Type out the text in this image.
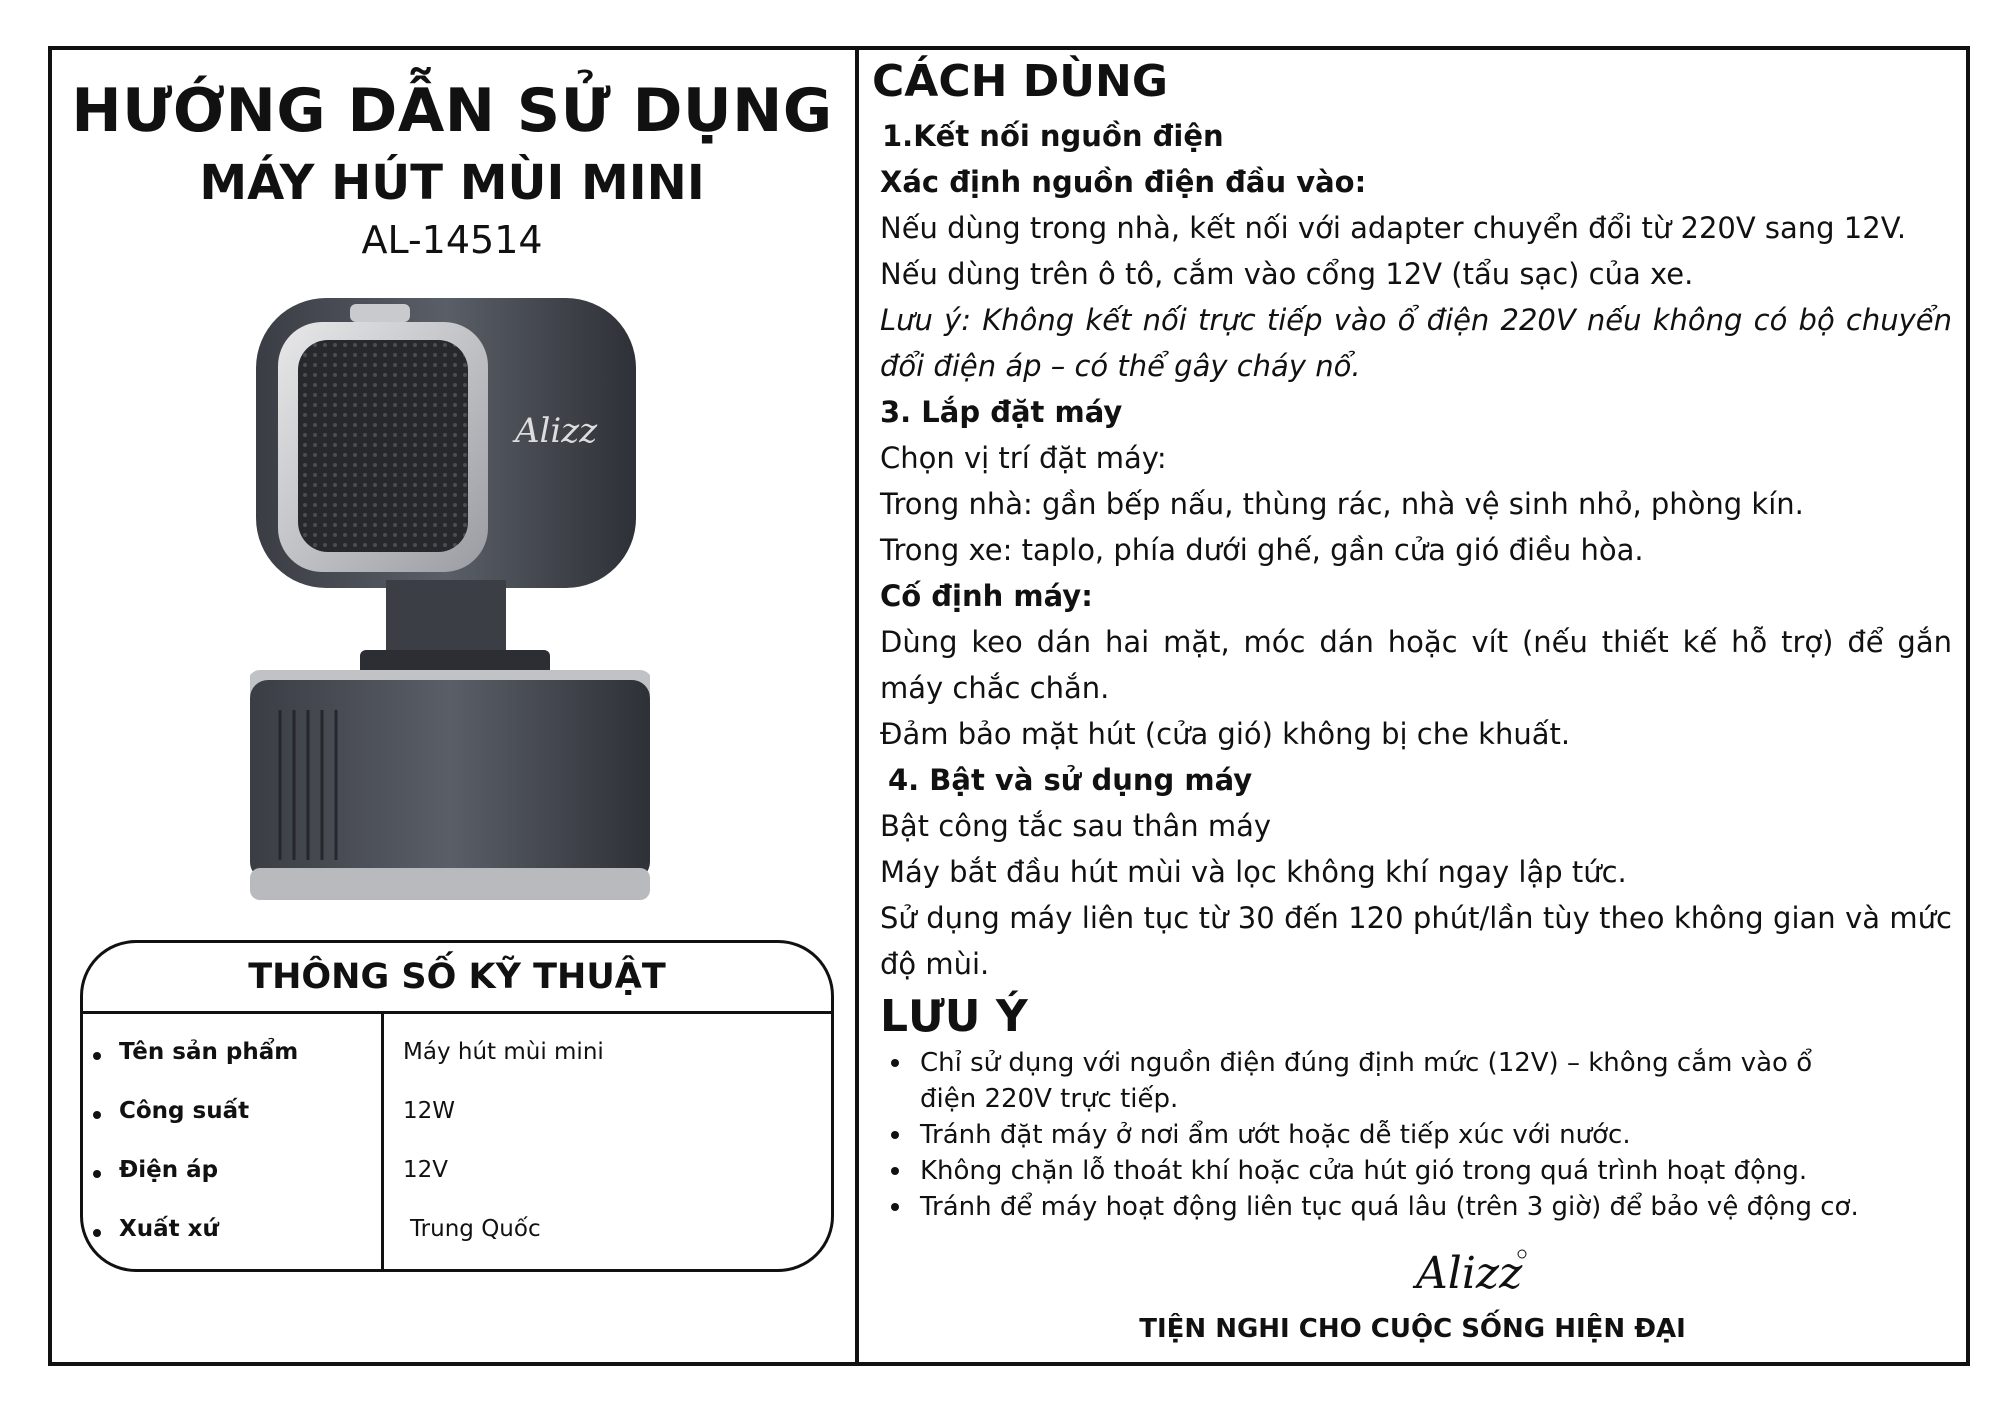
HƯỚNG DẪN SỬ DỤNG
MÁY HÚT MÙI MINI
AL-14514
Alizz
THÔNG SỐ KỸ THUẬT
Tên sản phẩm	Máy hút mùi mini
Công suất	12W
Điện áp	12V
Xuất xứ	Trung Quốc
CÁCH DÙNG
1.Kết nối nguồn điện
Xác định nguồn điện đầu vào:
Nếu dùng trong nhà, kết nối với adapter chuyển đổi từ 220V sang 12V.
Nếu dùng trên ô tô, cắm vào cổng 12V (tẩu sạc) của xe.
Lưu ý: Không kết nối trực tiếp vào ổ điện 220V nếu không có bộ chuyển đổi điện áp – có thể gây cháy nổ.
3. Lắp đặt máy
Chọn vị trí đặt máy:
Trong nhà: gần bếp nấu, thùng rác, nhà vệ sinh nhỏ, phòng kín.
Trong xe: taplo, phía dưới ghế, gần cửa gió điều hòa.
Cố định máy:
Dùng keo dán hai mặt, móc dán hoặc vít (nếu thiết kế hỗ trợ) để gắn máy chắc chắn.
Đảm bảo mặt hút (cửa gió) không bị che khuất.
4. Bật và sử dụng máy
Bật công tắc sau thân máy
Máy bắt đầu hút mùi và lọc không khí ngay lập tức.
Sử dụng máy liên tục từ 30 đến 120 phút/lần tùy theo không gian và mức độ mùi.
LƯU Ý
Chỉ sử dụng với nguồn điện đúng định mức (12V) – không cắm vào ổ điện 220V trực tiếp.
Tránh đặt máy ở nơi ẩm ướt hoặc dễ tiếp xúc với nước.
Không chặn lỗ thoát khí hoặc cửa hút gió trong quá trình hoạt động.
Tránh để máy hoạt động liên tục quá lâu (trên 3 giờ) để bảo vệ động cơ.
Alizz
TIỆN NGHI CHO CUỘC SỐNG HIỆN ĐẠI
